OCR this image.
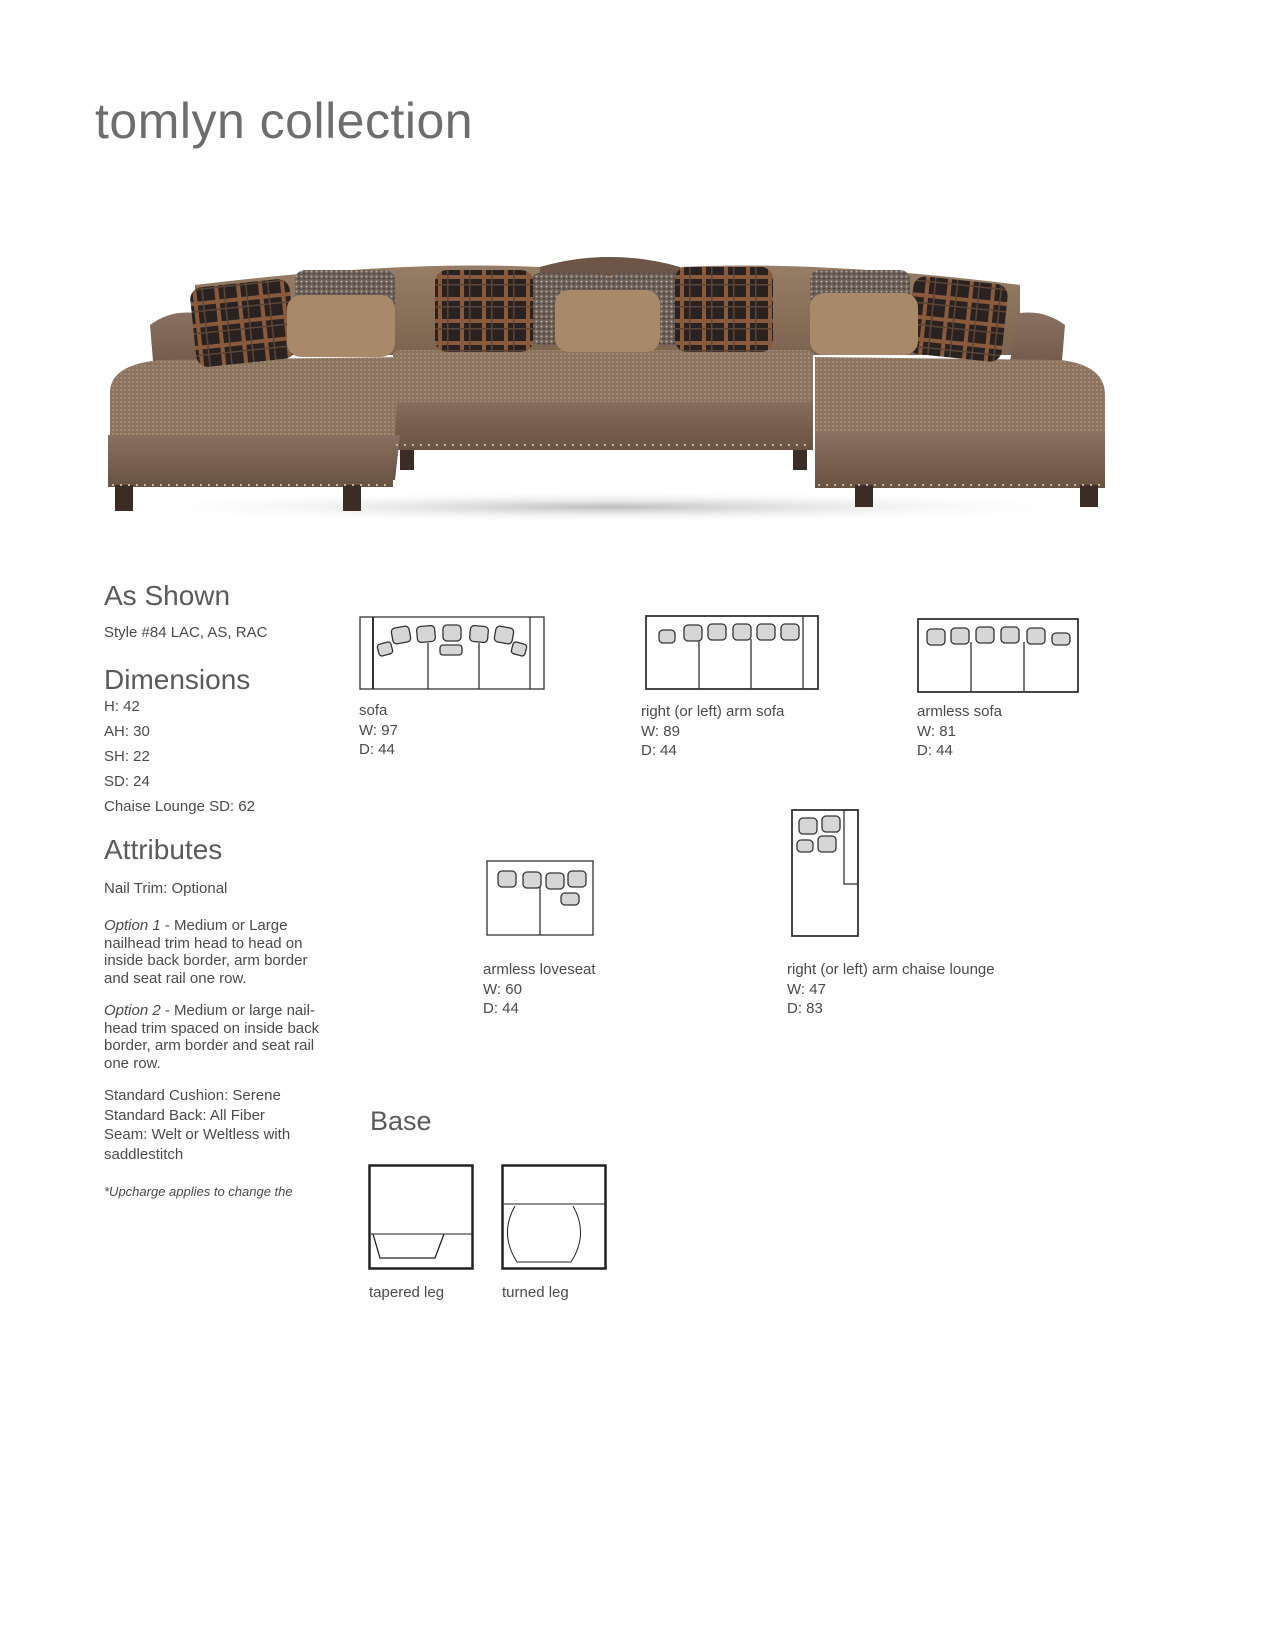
tomlyn collection
As Shown
Style #84 LAC, AS, RAC
Dimensions
H: 42
AH: 30
SH: 22
SD: 24
Chaise Lounge SD: 62
Attributes
Nail Trim: Optional
Option 1 - Medium or Large nailhead trim head to head on inside back border, arm border and seat rail one row.
Option 2 - Medium or large nail-head trim spaced on inside back border, arm border and seat rail one row.
Standard Cushion: Serene
Standard Back: All Fiber
Seam: Welt or Weltless with saddlestitch
*Upcharge applies to change the
sofa
W: 97
D: 44
right (or left) arm sofa
W: 89
D: 44
armless sofa
W: 81
D: 44
armless loveseat
W: 60
D: 44
right (or left) arm chaise lounge
W: 47
D: 83
Base
tapered leg	turned leg
